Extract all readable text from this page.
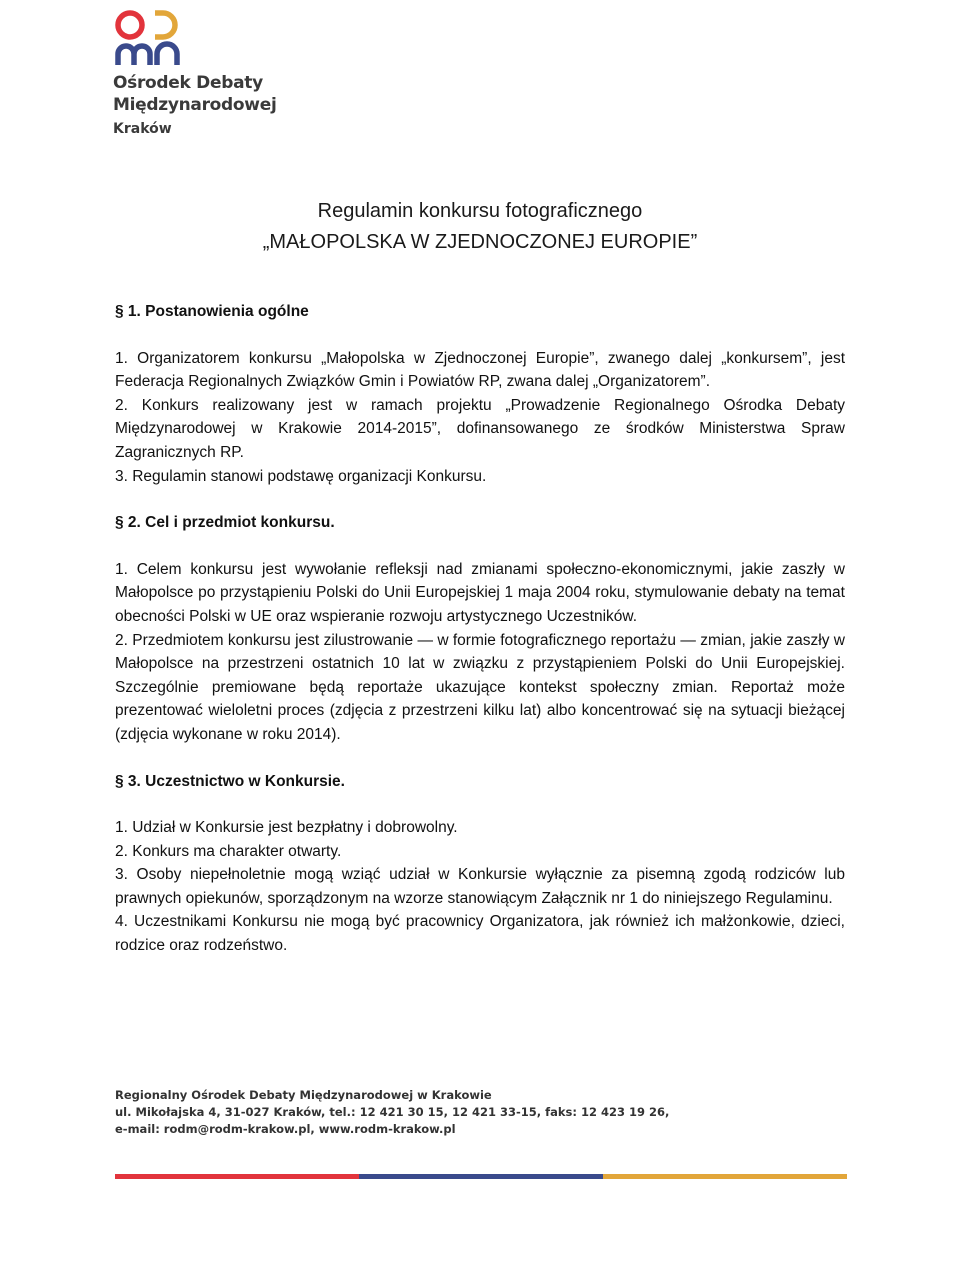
Ośrodek Debaty
Międzynarodowej
Kraków
Regulamin konkursu fotograficznego
„MAŁOPOLSKA W ZJEDNOCZONEJ EUROPIE”

§ 1. Postanowienia ogólne

1. Organizatorem konkursu „Małopolska w Zjednoczonej Europie”, zwanego dalej „konkursem”, jest Federacja Regionalnych Związków Gmin i Powiatów RP, zwana dalej „Organizatorem”.

2. Konkurs realizowany jest w ramach projektu „Prowadzenie Regionalnego Ośrodka Debaty Międzynarodowej w Krakowie 2014-2015”, dofinansowanego ze środków Ministerstwa Spraw Zagranicznych RP.

3. Regulamin stanowi podstawę organizacji Konkursu.

§ 2. Cel i przedmiot konkursu.

1. Celem konkursu jest wywołanie refleksji nad zmianami społeczno-ekonomicznymi, jakie zaszły w Małopolsce po przystąpieniu Polski do Unii Europejskiej 1 maja 2004 roku, stymulowanie debaty na temat obecności Polski w UE oraz wspieranie rozwoju artystycznego Uczestników.

2. Przedmiotem konkursu jest zilustrowanie — w formie fotograficznego reportażu — zmian, jakie zaszły w Małopolsce na przestrzeni ostatnich 10 lat w związku z przystąpieniem Polski do Unii Europejskiej. Szczególnie premiowane będą reportaże ukazujące kontekst społeczny zmian. Reportaż może prezentować wieloletni proces (zdjęcia z przestrzeni kilku lat) albo koncentrować się na sytuacji bieżącej (zdjęcia wykonane w roku 2014).

§ 3. Uczestnictwo w Konkursie.

1. Udział w Konkursie jest bezpłatny i dobrowolny.

2. Konkurs ma charakter otwarty.

3. Osoby niepełnoletnie mogą wziąć udział w Konkursie wyłącznie za pisemną zgodą rodziców lub prawnych opiekunów, sporządzonym na wzorze stanowiącym Załącznik nr 1 do niniejszego Regulaminu.

4. Uczestnikami Konkursu nie mogą być pracownicy Organizatora, jak również ich małżonkowie, dzieci, rodzice oraz rodzeństwo.

Regionalny Ośrodek Debaty Międzynarodowej w Krakowie
ul. Mikołajska 4, 31-027 Kraków, tel.: 12 421 30 15, 12 421 33-15, faks: 12 423 19 26,
e-mail: rodm@rodm-krakow.pl, www.rodm-krakow.pl
